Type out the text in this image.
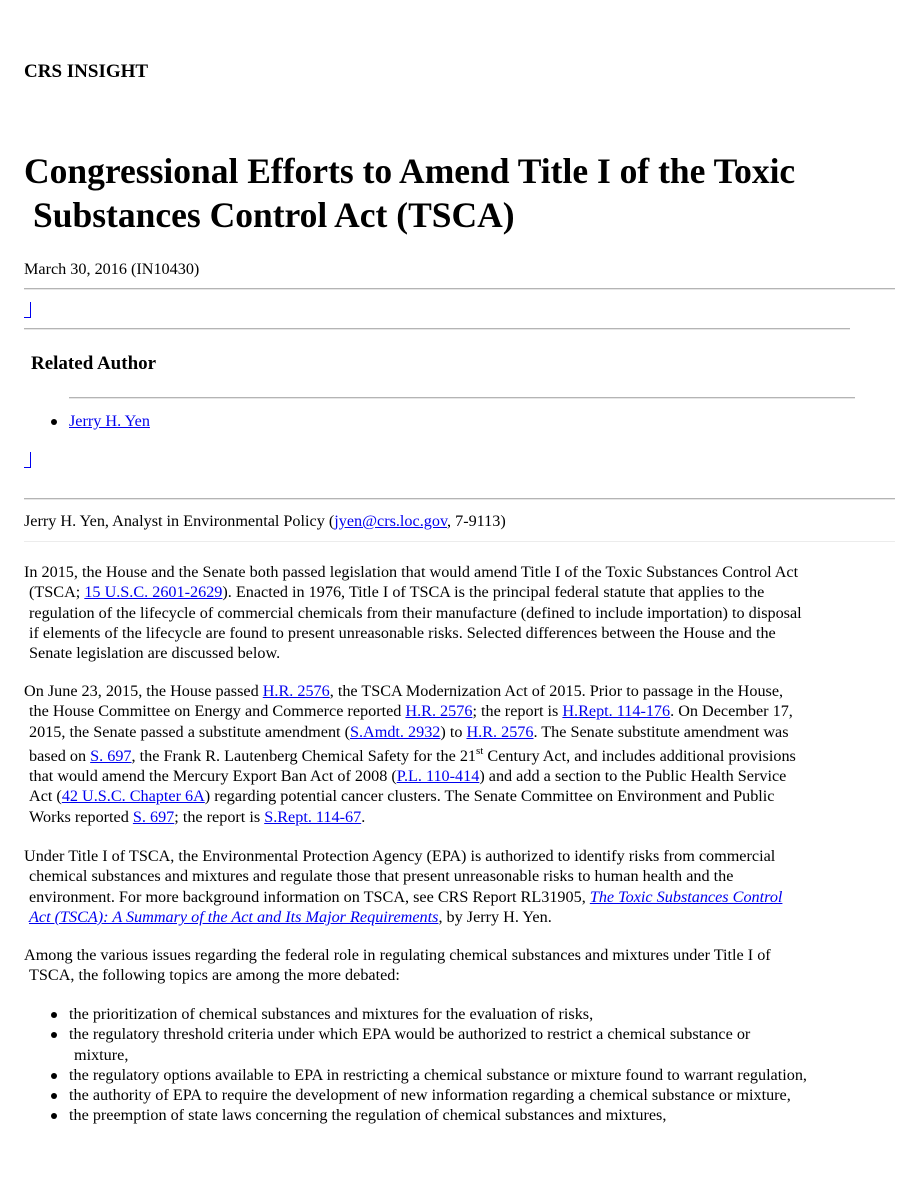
CRS INSIGHT
Congressional Efforts to Amend Title I of the Toxic
Substances Control Act (TSCA)
March 30, 2016 (IN10430)
Related Author
Jerry H. Yen
Jerry H. Yen, Analyst in Environmental Policy (jyen@crs.loc.gov, 7-9113)

In 2015, the House and the Senate both passed legislation that would amend Title I of the Toxic Substances Control Act
(TSCA; 15 U.S.C. 2601-2629). Enacted in 1976, Title I of TSCA is the principal federal statute that applies to the
regulation of the lifecycle of commercial chemicals from their manufacture (defined to include importation) to disposal
if elements of the lifecycle are found to present unreasonable risks. Selected differences between the House and the
Senate legislation are discussed below.

On June 23, 2015, the House passed H.R. 2576, the TSCA Modernization Act of 2015. Prior to passage in the House,
the House Committee on Energy and Commerce reported H.R. 2576; the report is H.Rept. 114-176. On December 17,
2015, the Senate passed a substitute amendment (S.Amdt. 2932) to H.R. 2576. The Senate substitute amendment was
based on S. 697, the Frank R. Lautenberg Chemical Safety for the 21st Century Act, and includes additional provisions
that would amend the Mercury Export Ban Act of 2008 (P.L. 110-414) and add a section to the Public Health Service
Act (42 U.S.C. Chapter 6A) regarding potential cancer clusters. The Senate Committee on Environment and Public
Works reported S. 697; the report is S.Rept. 114-67.

Under Title I of TSCA, the Environmental Protection Agency (EPA) is authorized to identify risks from commercial
chemical substances and mixtures and regulate those that present unreasonable risks to human health and the
environment. For more background information on TSCA, see CRS Report RL31905, The Toxic Substances Control
Act (TSCA): A Summary of the Act and Its Major Requirements, by Jerry H. Yen.

Among the various issues regarding the federal role in regulating chemical substances and mixtures under Title I of
TSCA, the following topics are among the more debated:

the prioritization of chemical substances and mixtures for the evaluation of risks,
the regulatory threshold criteria under which EPA would be authorized to restrict a chemical substance or
mixture,
the regulatory options available to EPA in restricting a chemical substance or mixture found to warrant regulation,
the authority of EPA to require the development of new information regarding a chemical substance or mixture,
the preemption of state laws concerning the regulation of chemical substances and mixtures,
